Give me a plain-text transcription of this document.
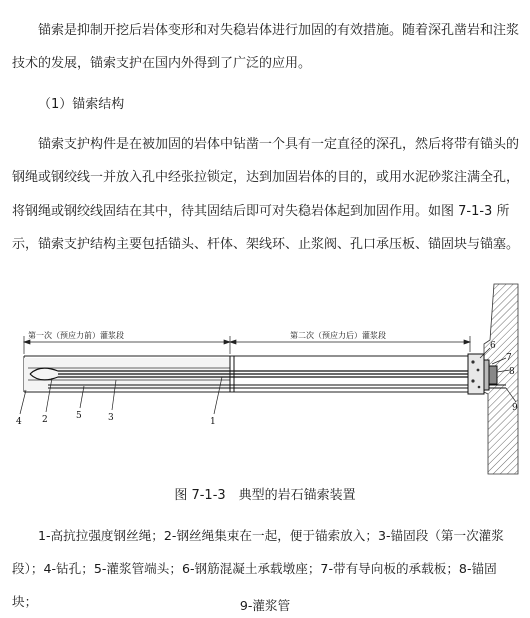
锚索是抑制开挖后岩体变形和对失稳岩体进行加固的有效措施。随着深孔凿岩和注浆技术的发展，锚索支护在国内外得到了广泛的应用。

（1）锚索结构

锚索支护构件是在被加固的岩体中钻凿一个具有一定直径的深孔，然后将带有锚头的钢绳或钢绞线一并放入孔中经张拉锁定，达到加固岩体的目的，或用水泥砂浆注满全孔，将钢绳或钢绞线固结在其中，待其固结后即可对失稳岩体起到加固作用。如图 7-1-3 所示，锚索支护结构主要包括锚头、杆体、架线环、止浆阀、孔口承压板、锚固块与锚塞。

第一次（预应力前）灌浆段	第二次（预应力后）灌浆段
1
2	3
4
5
6
7
8
9

图 7-1-3　典型的岩石锚索装置

1-高抗拉强度钢丝绳；2-钢丝绳集束在一起，便于锚索放入；3-锚固段（第一次灌浆段）；4-钻孔；5-灌浆管端头；6-钢筋混凝土承载墩座；7-带有导向板的承载板；8-锚固块；	9-灌浆管
